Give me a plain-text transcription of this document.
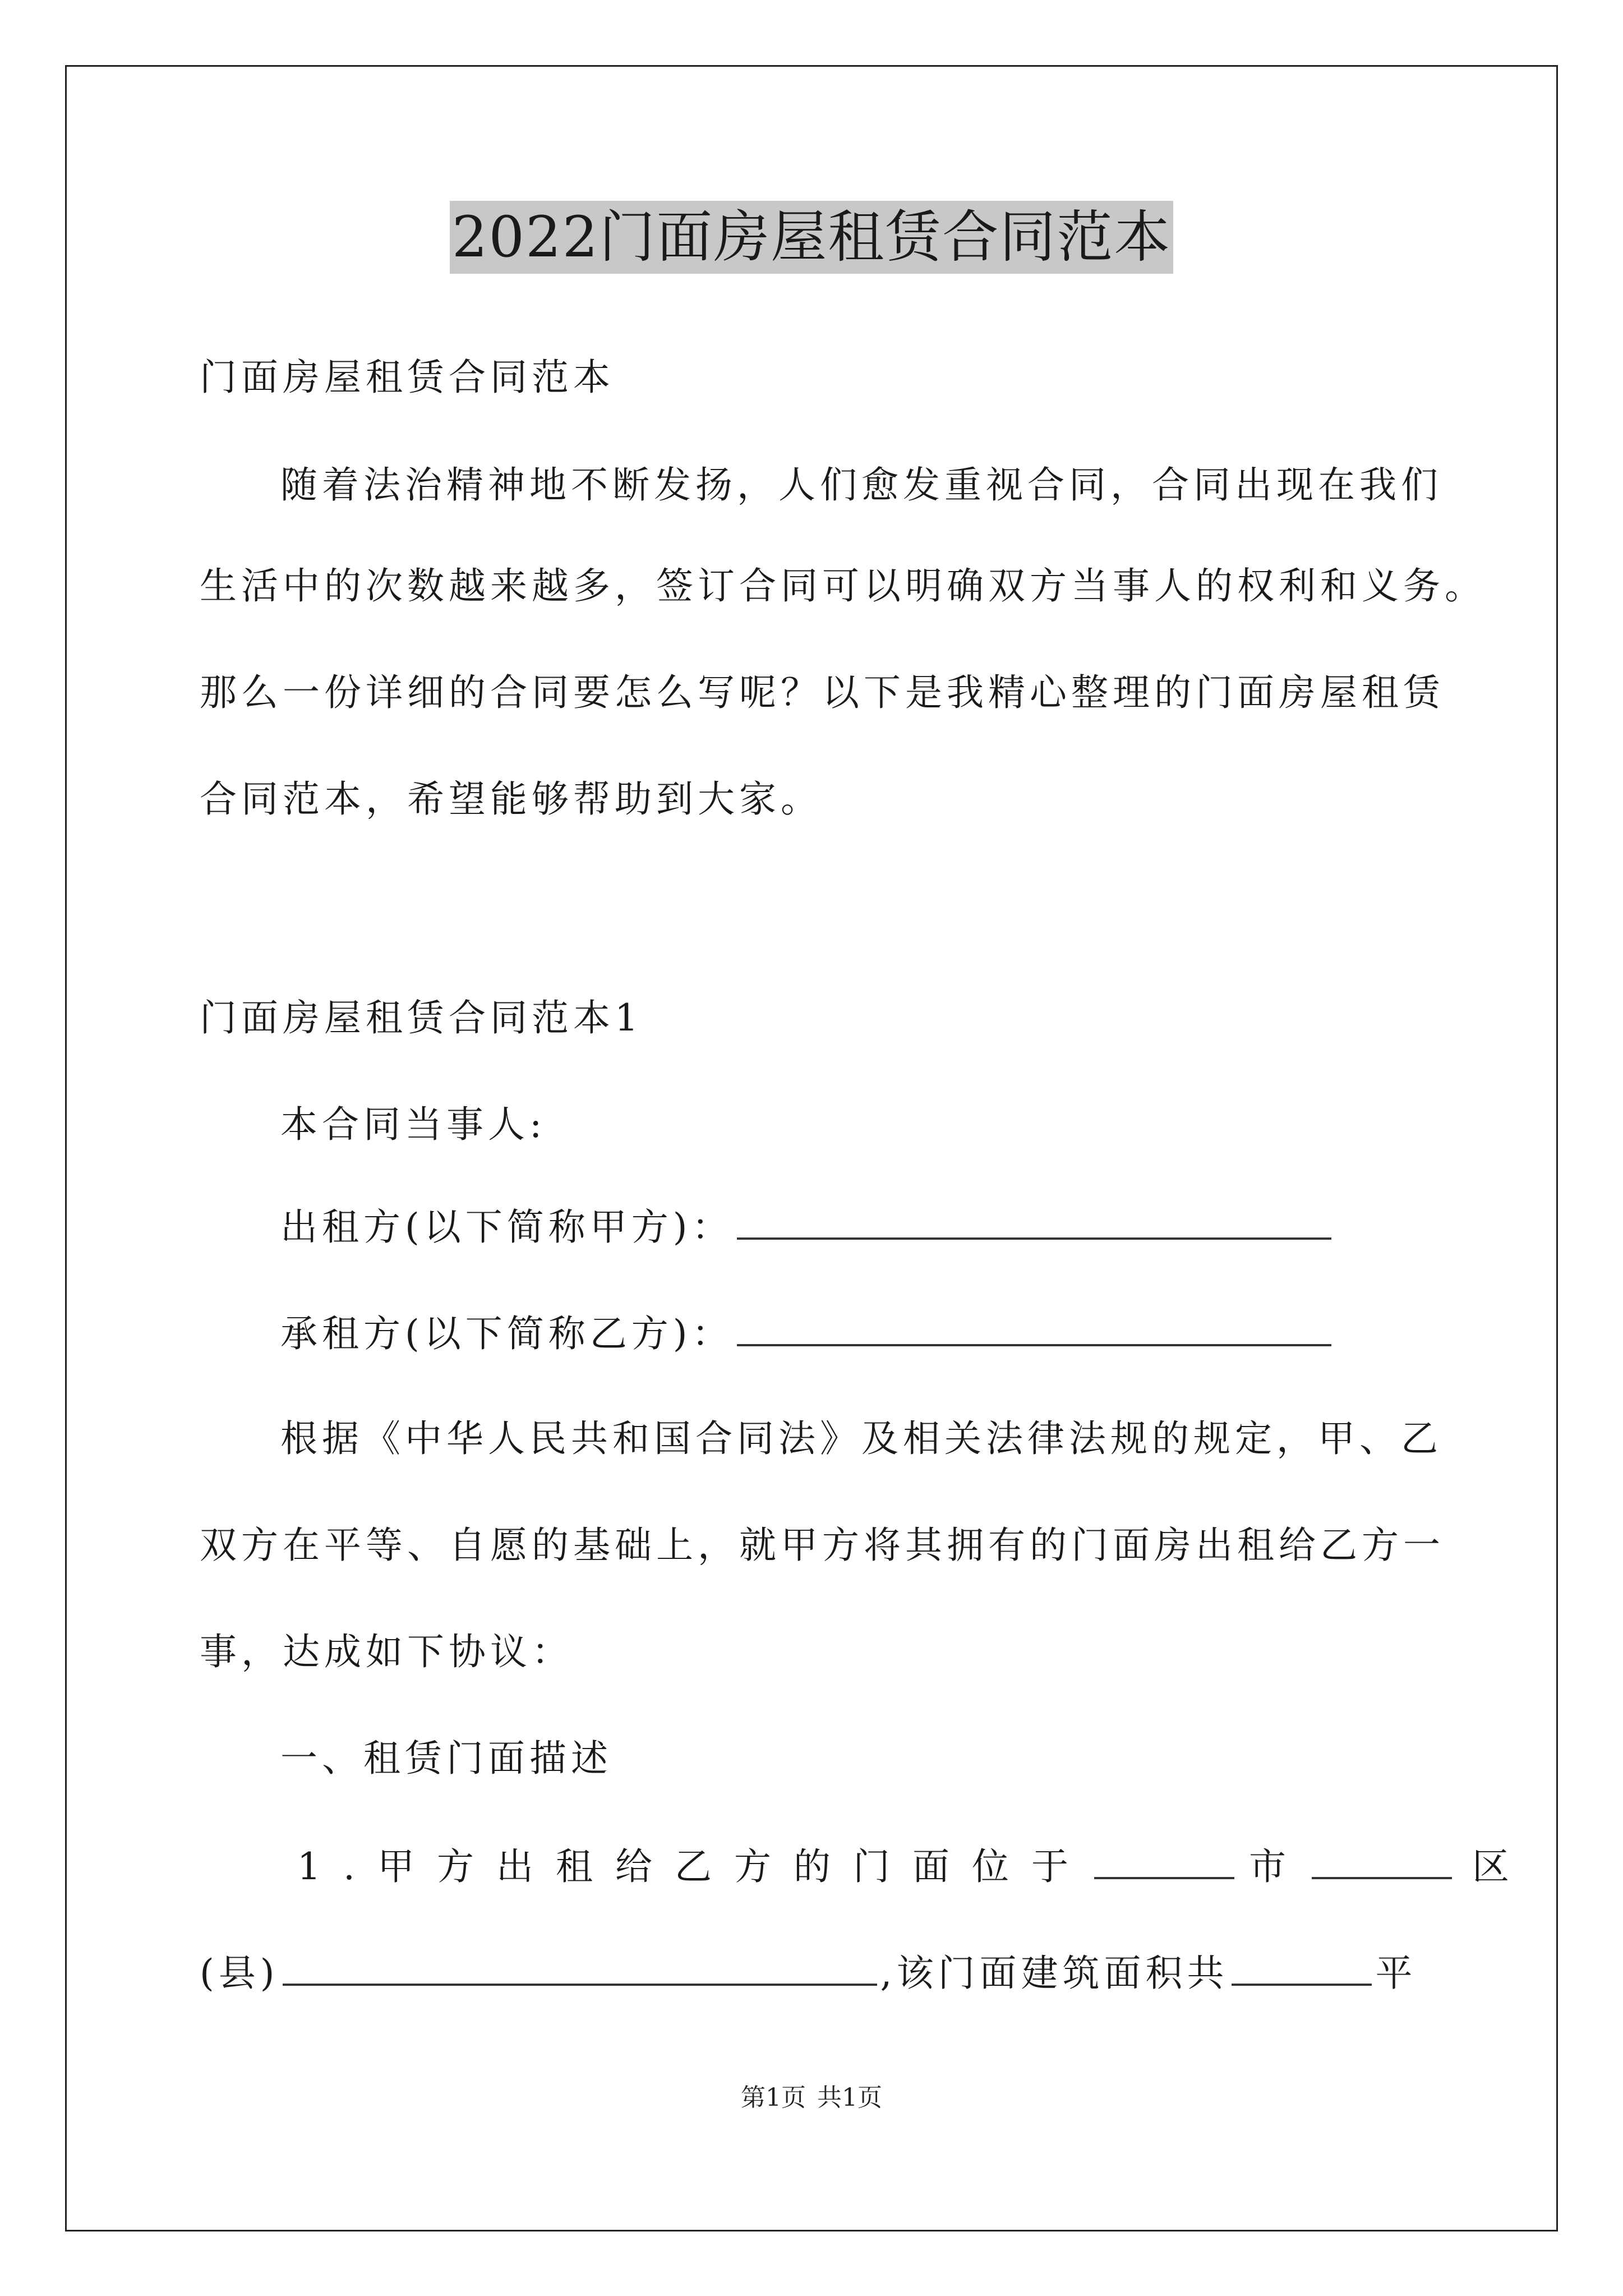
2022门面房屋租赁合同范本
门面房屋租赁合同范本
随着法治精神地不断发扬，人们愈发重视合同，合同出现在我们
生活中的次数越来越多，签订合同可以明确双方当事人的权利和义务。
那么一份详细的合同要怎么写呢？以下是我精心整理的门面房屋租赁
合同范本，希望能够帮助到大家。
门面房屋租赁合同范本1
本合同当事人:
出租方(以下简称甲方)：
承租方(以下简称乙方)：
根据《中华人民共和国合同法》及相关法律法规的规定，甲、乙
双方在平等、自愿的基础上，就甲方将其拥有的门面房出租给乙方一
事，达成如下协议：
一、租赁门面描述
1.甲方出租给乙方的门面位于	市	区
(县)	,该门面建筑面积共	平
第1页 共1页
